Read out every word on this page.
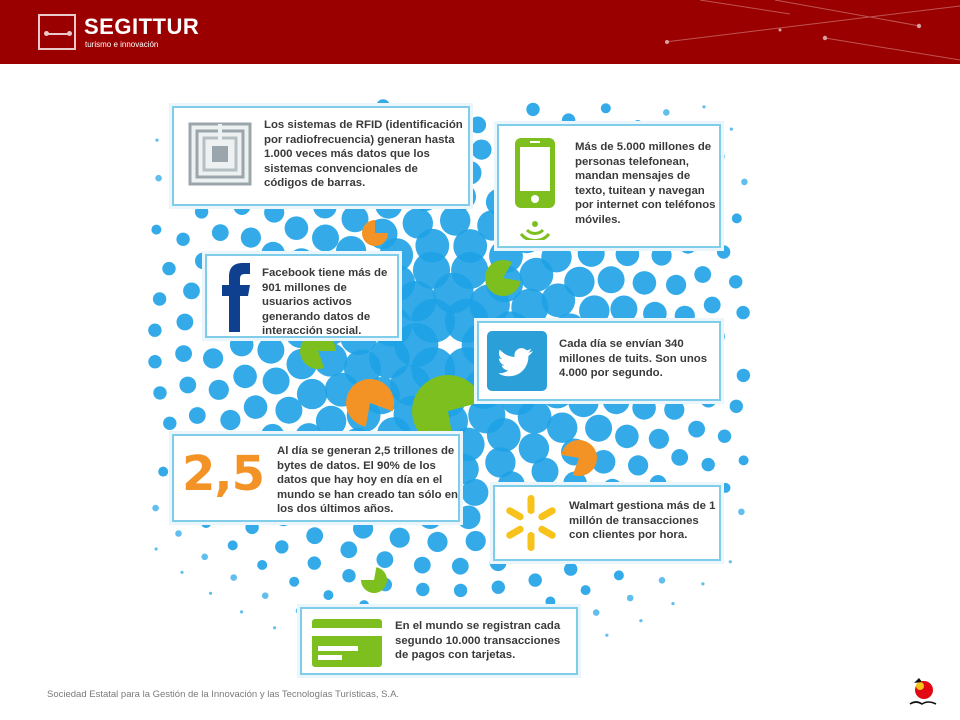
SEGITTUR
turismo e innovación
Los sistemas de RFID (identificación por radiofrecuencia) generan hasta 1.000 veces más datos que los sistemas convencionales de códigos de barras.
Más de 5.000 millones de personas telefonean, mandan mensajes de texto, tuitean y navegan por internet con teléfonos móviles.
Facebook tiene más de 901 millones de usuarios activos generando datos de interacción social.
Cada día se envían 340 millones de tuits. Son unos 4.000 por segundo.
2,5 Al día se generan 2,5 trillones de bytes de datos. El 90% de los datos que hay hoy en día en el mundo se han creado tan sólo en los dos últimos años.	Walmart gestiona más de 1 millón de transacciones con clientes por hora.
En el mundo se registran cada segundo 10.000 transacciones de pagos con tarjetas.
Sociedad Estatal para la Gestión de la Innovación y las Tecnologías Turísticas, S.A.
